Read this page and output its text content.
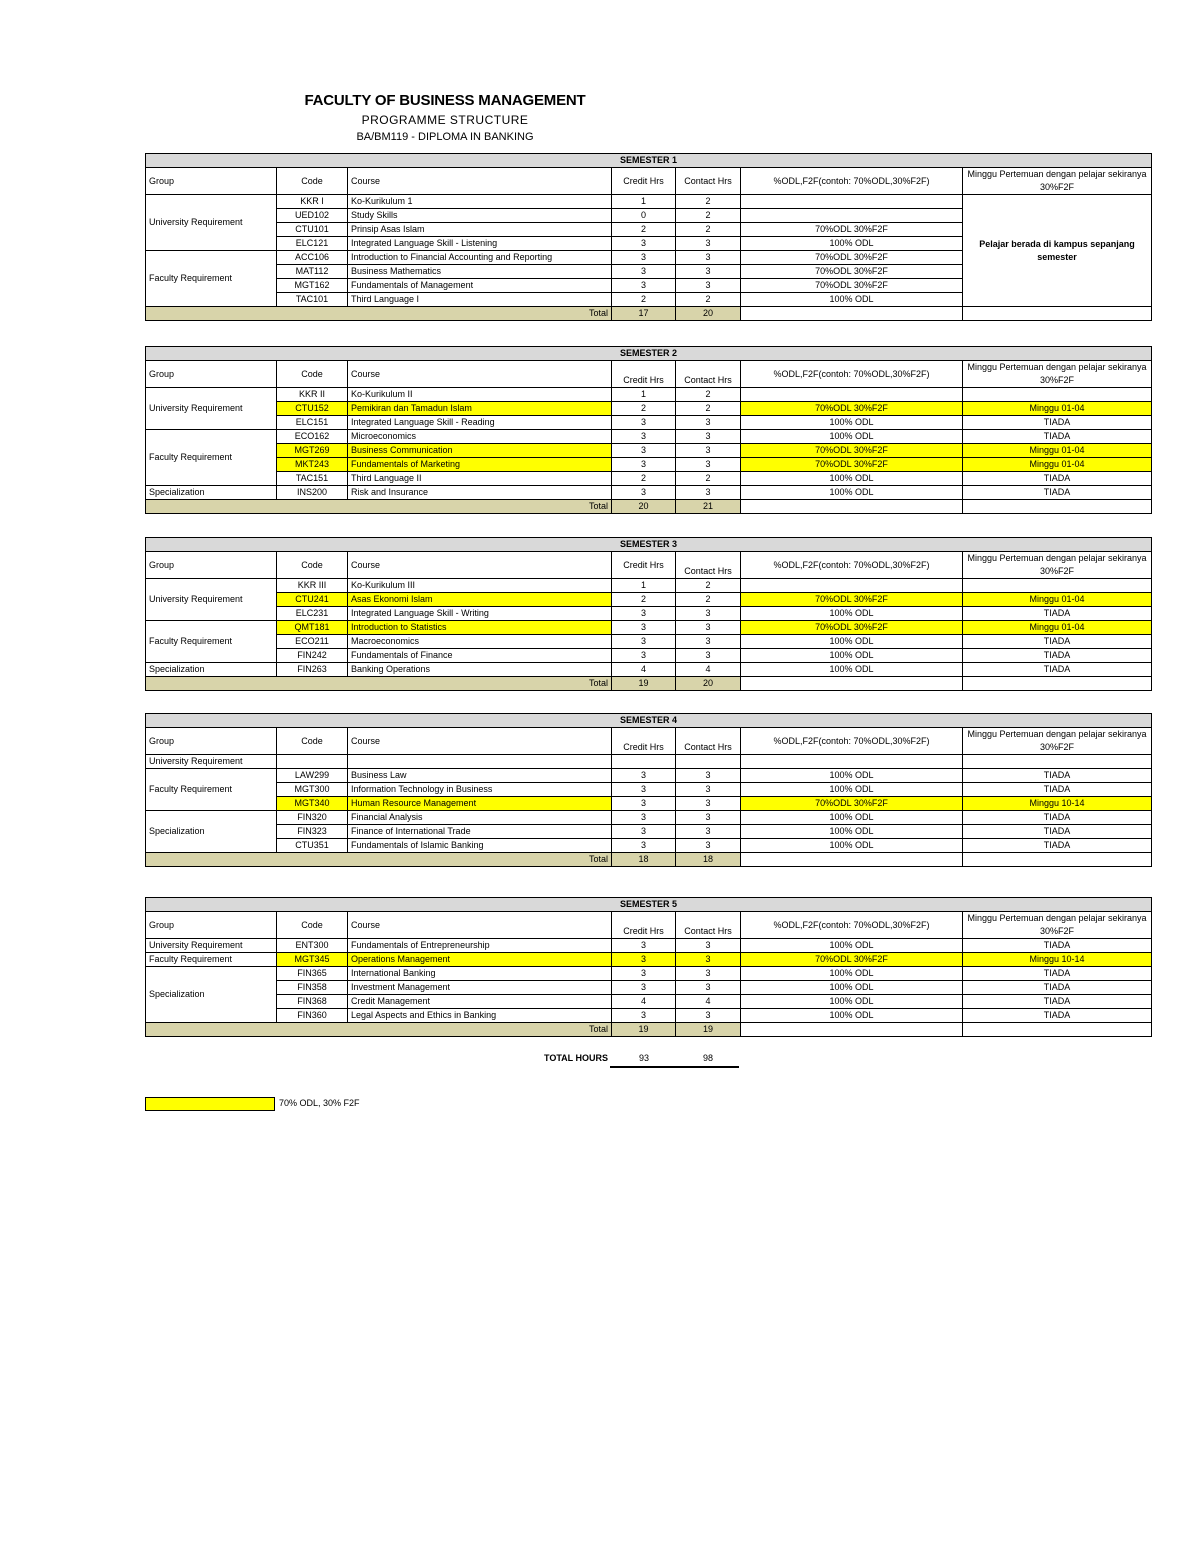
FACULTY OF BUSINESS MANAGEMENT
PROGRAMME STRUCTURE
BA/BM119 - DIPLOMA IN BANKING
SEMESTER 1						
Group	Code	Course	Credit Hrs	Contact Hrs	%ODL,F2F(contoh: 70%ODL,30%F2F)	Minggu Pertemuan dengan pelajar sekiranya 30%F2F
University Requirement	KKR I	Ko-Kurikulum 1	1	2		Pelajar berada di kampus sepanjang semester
	UED102	Study Skills	0	2		
	CTU101	Prinsip Asas Islam	2	2	70%ODL 30%F2F	
	ELC121	Integrated Language Skill - Listening	3	3	100% ODL	
Faculty Requirement	ACC106	Introduction to Financial Accounting and Reporting	3	3	70%ODL 30%F2F	
	MAT112	Business Mathematics	3	3	70%ODL 30%F2F	
	MGT162	Fundamentals of Management	3	3	70%ODL 30%F2F	
	TAC101	Third Language I	2	2	100% ODL	
Total			17	20		
SEMESTER 2						
Group	Code	Course	Credit Hrs	Contact Hrs	%ODL,F2F(contoh: 70%ODL,30%F2F)	Minggu Pertemuan dengan pelajar sekiranya 30%F2F
University Requirement	KKR II	Ko-Kurikulum II	1	2		
	CTU152	Pemikiran dan Tamadun Islam	2	2	70%ODL 30%F2F	Minggu 01-04
	ELC151	Integrated Language Skill - Reading	3	3	100% ODL	TIADA
Faculty Requirement	ECO162	Microeconomics	3	3	100% ODL	TIADA
	MGT269	Business Communication	3	3	70%ODL 30%F2F	Minggu 01-04
	MKT243	Fundamentals of Marketing	3	3	70%ODL 30%F2F	Minggu 01-04
	TAC151	Third Language II	2	2	100% ODL	TIADA
Specialization	INS200	Risk and Insurance	3	3	100% ODL	TIADA
Total			20	21		
SEMESTER 3						
Group	Code	Course	Credit Hrs	Contact Hrs	%ODL,F2F(contoh: 70%ODL,30%F2F)	Minggu Pertemuan dengan pelajar sekiranya 30%F2F
University Requirement	KKR III	Ko-Kurikulum III	1	2		
	CTU241	Asas Ekonomi Islam	2	2	70%ODL 30%F2F	Minggu 01-04
	ELC231	Integrated Language Skill - Writing	3	3	100% ODL	TIADA
Faculty Requirement	QMT181	Introduction to Statistics	3	3	70%ODL 30%F2F	Minggu 01-04
	ECO211	Macroeconomics	3	3	100% ODL	TIADA
	FIN242	Fundamentals of Finance	3	3	100% ODL	TIADA
Specialization	FIN263	Banking Operations	4	4	100% ODL	TIADA
Total			19	20		
SEMESTER 4						
Group	Code	Course	Credit Hrs	Contact Hrs	%ODL,F2F(contoh: 70%ODL,30%F2F)	Minggu Pertemuan dengan pelajar sekiranya 30%F2F
University Requirement						
Faculty Requirement	LAW299	Business Law	3	3	100% ODL	TIADA
	MGT300	Information Technology in Business	3	3	100% ODL	TIADA
	MGT340	Human Resource Management	3	3	70%ODL 30%F2F	Minggu 10-14
Specialization	FIN320	Financial Analysis	3	3	100% ODL	TIADA
	FIN323	Finance of International Trade	3	3	100% ODL	TIADA
	CTU351	Fundamentals of Islamic Banking	3	3	100% ODL	TIADA
Total			18	18		
SEMESTER 5						
Group	Code	Course	Credit Hrs	Contact Hrs	%ODL,F2F(contoh: 70%ODL,30%F2F)	Minggu Pertemuan dengan pelajar sekiranya 30%F2F
University Requirement	ENT300	Fundamentals of Entrepreneurship	3	3	100% ODL	TIADA
Faculty Requirement	MGT345	Operations Management	3	3	70%ODL 30%F2F	Minggu 10-14
Specialization	FIN365	International Banking	3	3	100% ODL	TIADA
	FIN358	Investment Management	3	3	100% ODL	TIADA
	FIN368	Credit Management	4	4	100% ODL	TIADA
	FIN360	Legal Aspects and Ethics in Banking	3	3	100% ODL	TIADA
Total			19	19		
TOTAL HOURS	93	98
70% ODL, 30% F2F
